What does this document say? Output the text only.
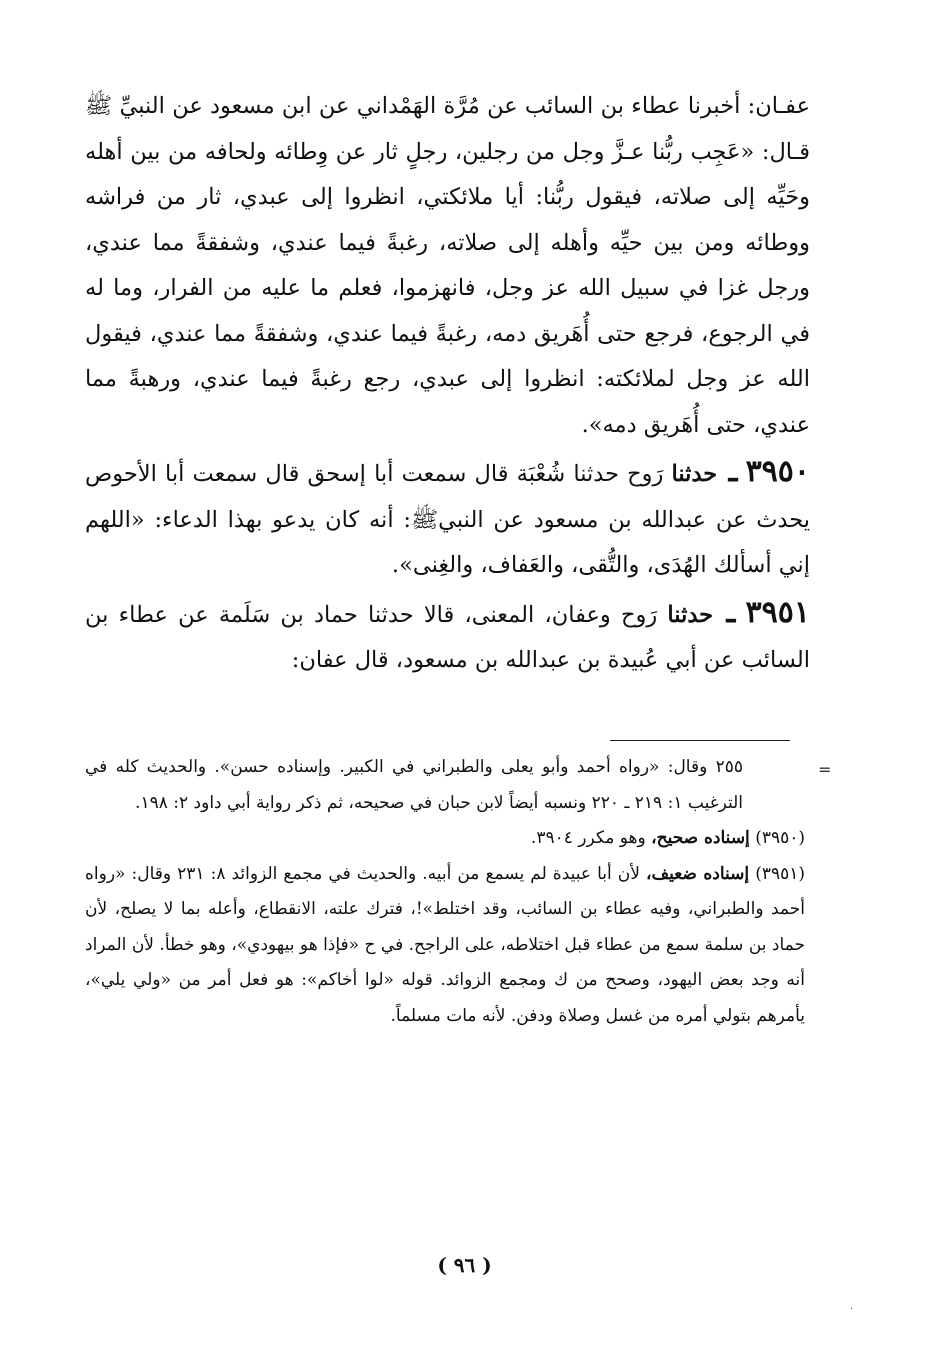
عفـان: أخبرنا عطاء بن السائب عن مُرَّة الهَمْداني عن ابن مسعود عن النبيِّ ﷺ قـال: «عَجِب ربُّنا عـزَّ وجل من رجلين، رجلٍ ثار عن وِطائه ولحافه من بين أهله وحَيِّه إلى صلاته، فيقول ربُّنا: أيا ملائكتي، انظروا إلى عبدي، ثار من فراشه ووطائه ومن بين حيِّه وأهله إلى صلاته، رغبةً فيما عندي، وشفقةً مما عندي، ورجل غزا في سبيل الله عز وجل، فانهزموا، فعلم ما عليه من الفرار، وما له في الرجوع، فرجع حتى أُهَريق دمه، رغبةً فيما عندي، وشفقةً مما عندي، فيقول الله عز وجل لملائكته: انظروا إلى عبدي، رجع رغبةً فيما عندي، ورهبةً مما عندي، حتى أُهَريق دمه».

٣٩٥٠ ـ حدثنا رَوح حدثنا شُعْبَة قال سمعت أبا إسحق قال سمعت أبا الأحوص يحدث عن عبدالله بن مسعود عن النبيﷺ: أنه كان يدعو بهذا الدعاء: «اللهم إني أسألك الهُدَى، والتُّقى، والعَفاف، والغِنى».

٣٩٥١ ـ حدثنا رَوح وعفان، المعنى، قالا حدثنا حماد بن سَلَمة عن عطاء بن السائب عن أبي عُبيدة بن عبدالله بن مسعود، قال عفان:

=

٢٥٥ وقال: «رواه أحمد وأبو يعلى والطبراني في الكبير. وإسناده حسن». والحديث كله في الترغيب ١: ٢١٩ ـ ٢٢٠ ونسبه أيضاً لابن حبان في صحيحه، ثم ذكر رواية أبي داود ٢: ١٩٨.

(٣٩٥٠) إسناده صحيح، وهو مكرر ٣٩٠٤.

(٣٩٥١) إسناده ضعيف، لأن أبا عبيدة لم يسمع من أبيه. والحديث في مجمع الزوائد ٨: ٢٣١ وقال: «رواه أحمد والطبراني، وفيه عطاء بن السائب، وقد اختلط»!، فترك علته، الانقطاع، وأعله بما لا يصلح، لأن حماد بن سلمة سمع من عطاء قبل اختلاطه، على الراجح. في ح «فإذا هو بيهودي»، وهو خطأ. لأن المراد أنه وجد بعض اليهود، وصحح من ك ومجمع الزوائد. قوله «لوا أخاكم»: هو فعل أمر من «ولي يلي»، يأمرهم بتولي أمره من غسل وصلاة ودفن. لأنه مات مسلماً.

( ٩٦ )
·
